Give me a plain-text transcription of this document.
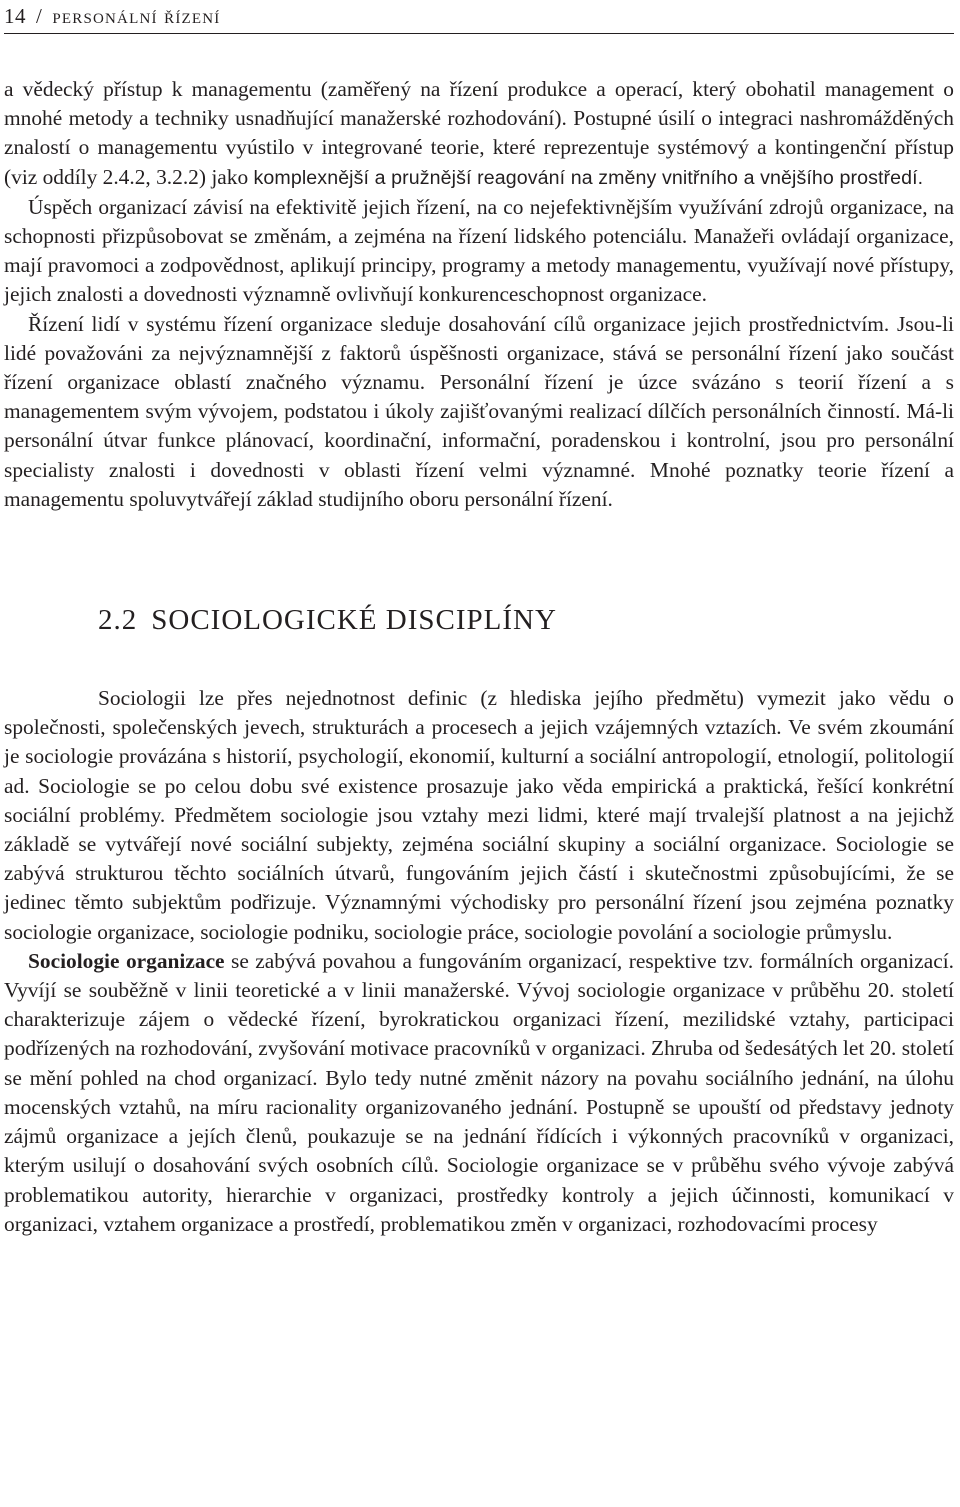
14 / personální řízení

a vědecký přístup k managementu (zaměřený na řízení produkce a operací, který obohatil management o mnohé metody a techniky usnadňující manažerské rozhodování). Postupné úsilí o integraci nashromážděných znalostí o managementu vyústilo v integrované teorie, které reprezentuje systémový a kontingenční přístup (viz oddíly 2.4.2, 3.2.2) jako komplexnější a pružnější reagování na změny vnitřního a vnějšího prostředí.

Úspěch organizací závisí na efektivitě jejich řízení, na co nejefektivnějším využívání zdrojů organizace, na schopnosti přizpůsobovat se změnám, a zejména na řízení lidského potenciálu. Manažeři ovládají organizace, mají pravomoci a zodpovědnost, aplikují principy, programy a metody managementu, využívají nové přístupy, jejich znalosti a dovednosti významně ovlivňují konkurenceschopnost organizace.

Řízení lidí v systému řízení organizace sleduje dosahování cílů organizace jejich prostřednictvím. Jsou-li lidé považováni za nejvýznamnější z faktorů úspěšnosti organizace, stává se personální řízení jako součást řízení organizace oblastí značného významu. Personální řízení je úzce svázáno s teorií řízení a s managementem svým vývojem, podstatou i úkoly zajišťovanými realizací dílčích personálních činností. Má-li personální útvar funkce plánovací, koordinační, informační, poradenskou i kontrolní, jsou pro personální specialisty znalosti i dovednosti v oblasti řízení velmi významné. Mnohé poznatky teorie řízení a managementu spoluvytvářejí základ studijního oboru personální řízení.

2.2 SOCIOLOGICKÉ DISCIPLÍNY

Sociologii lze přes nejednotnost definic (z hlediska jejího předmětu) vymezit jako vědu o společnosti, společenských jevech, strukturách a procesech a jejich vzájemných vztazích. Ve svém zkoumání je sociologie provázána s historií, psychologií, ekonomií, kulturní a sociální antropologií, etnologií, politologií ad. Sociologie se po celou dobu své existence prosazuje jako věda empirická a praktická, řešící konkrétní sociální problémy. Předmětem sociologie jsou vztahy mezi lidmi, které mají trvalejší platnost a na jejichž základě se vytvářejí nové sociální subjekty, zejména sociální skupiny a sociální organizace. Sociologie se zabývá strukturou těchto sociálních útvarů, fungováním jejich částí i skutečnostmi způsobujícími, že se jedinec těmto subjektům podřizuje. Významnými východisky pro personální řízení jsou zejména poznatky sociologie organizace, sociologie podniku, sociologie práce, sociologie povolání a sociologie průmyslu.

Sociologie organizace se zabývá povahou a fungováním organizací, respektive tzv. formálních organizací. Vyvíjí se souběžně v linii teoretické a v linii manažerské. Vývoj sociologie organizace v průběhu 20. století charakterizuje zájem o vědecké řízení, byrokratickou organizaci řízení, mezilidské vztahy, participaci podřízených na rozhodování, zvyšování motivace pracovníků v organizaci. Zhruba od šedesátých let 20. století se mění pohled na chod organizací. Bylo tedy nutné změnit názory na povahu sociálního jednání, na úlohu mocenských vztahů, na míru racionality organizovaného jednání. Postupně se upouští od představy jednoty zájmů organizace a jejích členů, poukazuje se na jednání řídících i výkonných pracovníků v organizaci, kterým usilují o dosahování svých osobních cílů. Sociologie organizace se v průběhu svého vývoje zabývá problematikou autority, hierarchie v organizaci, prostředky kontroly a jejich účinnosti, komunikací v organizaci, vztahem organizace a prostředí, problematikou změn v organizaci, rozhodovacími procesy
